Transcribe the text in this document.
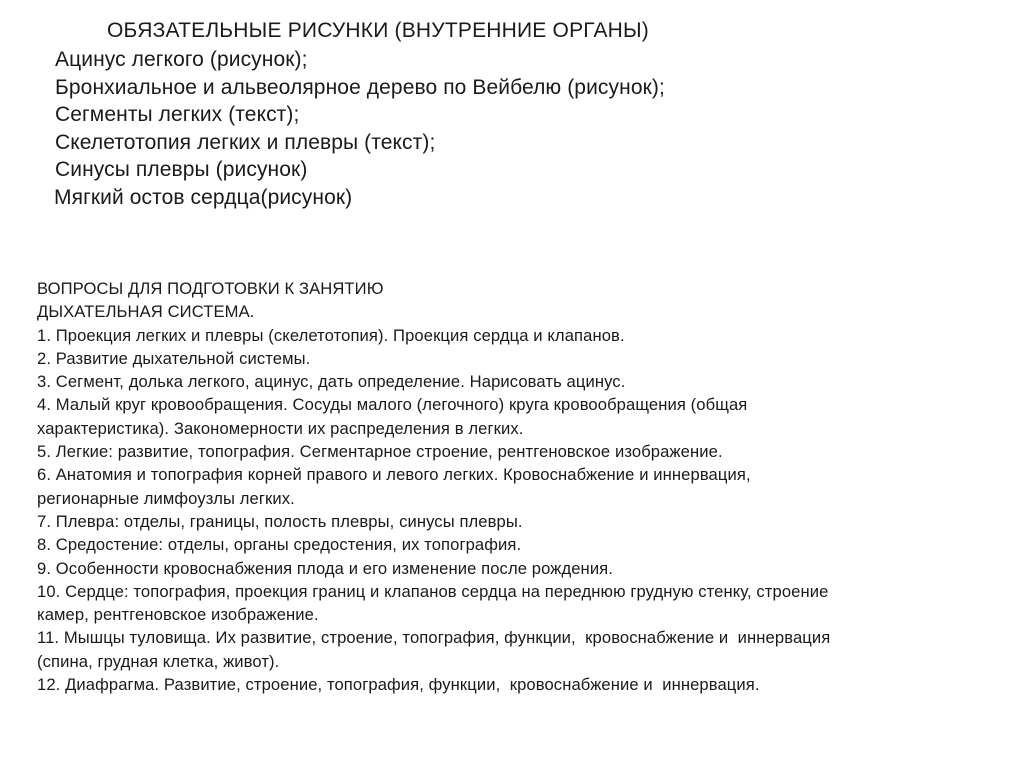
ОБЯЗАТЕЛЬНЫЕ РИСУНКИ (ВНУТРЕННИЕ ОРГАНЫ)
Ацинус легкого (рисунок);
Бронхиальное и альвеолярное дерево по Вейбелю (рисунок);
Сегменты легких (текст);
Скелетотопия легких и плевры (текст);
Синусы плевры (рисунок)
Мягкий остов сердца(рисунок)
ВОПРОСЫ ДЛЯ ПОДГОТОВКИ К ЗАНЯТИЮ
ДЫХАТЕЛЬНАЯ СИСТЕМА.
1. Проекция легких и плевры (скелетотопия). Проекция сердца и клапанов.
2. Развитие дыхательной системы.
3. Сегмент, долька легкого, ацинус, дать определение. Нарисовать ацинус.
4. Малый круг кровообращения. Сосуды малого (легочного) круга кровообращения (общая
характеристика). Закономерности их распределения в легких.
5. Легкие: развитие, топография. Сегментарное строение, рентгеновское изображение.
6. Анатомия и топография корней правого и левого легких. Кровоснабжение и иннервация,
регионарные лимфоузлы легких.
7. Плевра: отделы, границы, полость плевры, синусы плевры.
8. Средостение: отделы, органы средостения, их топография.
9. Особенности кровоснабжения плода и его изменение после рождения.
10. Сердце: топография, проекция границ и клапанов сердца на переднюю грудную стенку, строение
камер, рентгеновское изображение.
11. Мышцы туловища. Их развитие, строение, топография, функции,  кровоснабжение и  иннервация
(спина, грудная клетка, живот).
12. Диафрагма. Развитие, строение, топография, функции,  кровоснабжение и  иннервация.
